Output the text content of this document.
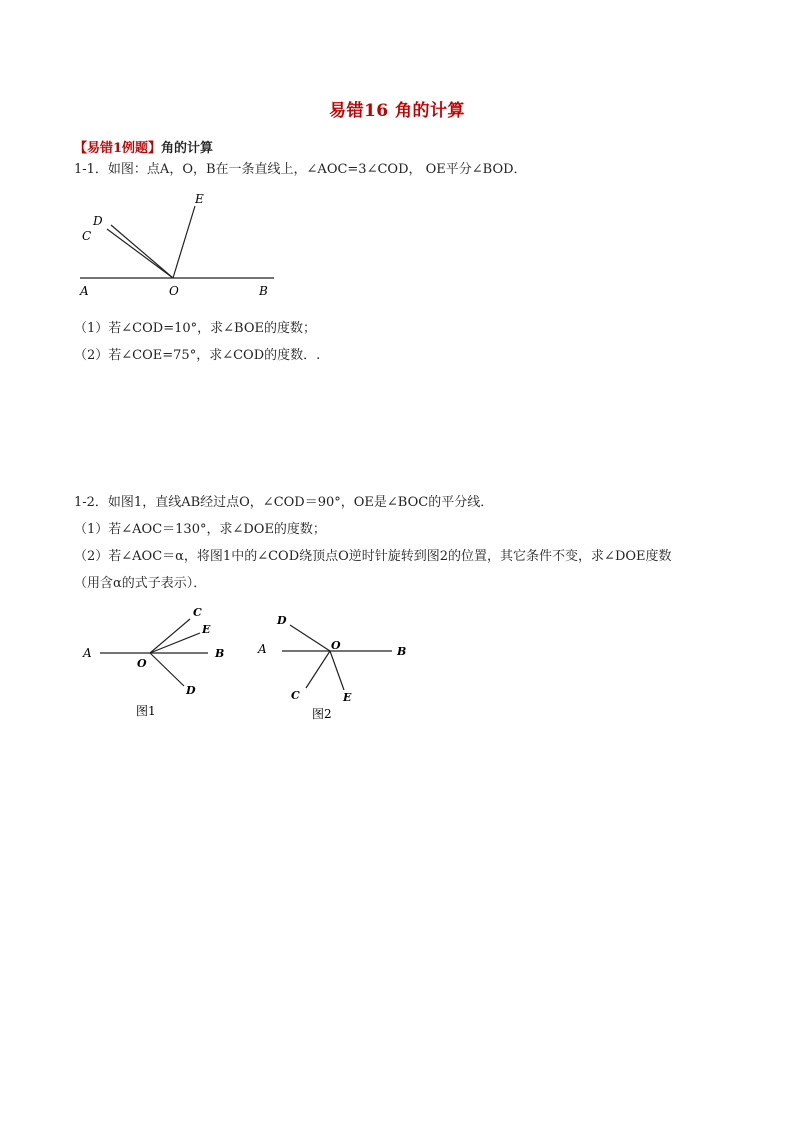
易错16 角的计算
【易错1例题】角的计算
1-1．如图：点A，O，B在一条直线上，∠AOC=3∠COD， OE平分∠BOD．
A	O	B
C
D
E
（1）若∠COD=10°，求∠BOE的度数；
（2）若∠COE=75°，求∠COD的度数．.
1-2．如图1，直线AB经过点O，∠COD＝90°，OE是∠BOC的平分线．
（1）若∠AOC＝130°，求∠DOE的度数；
（2）若∠AOC＝α，将图1中的∠COD绕顶点O逆时针旋转到图2的位置，其它条件不变，求∠DOE度数
（用含α的式子表示）．
A
O
B
C
E
D
图1
A	O	B
D
C	E
图2
